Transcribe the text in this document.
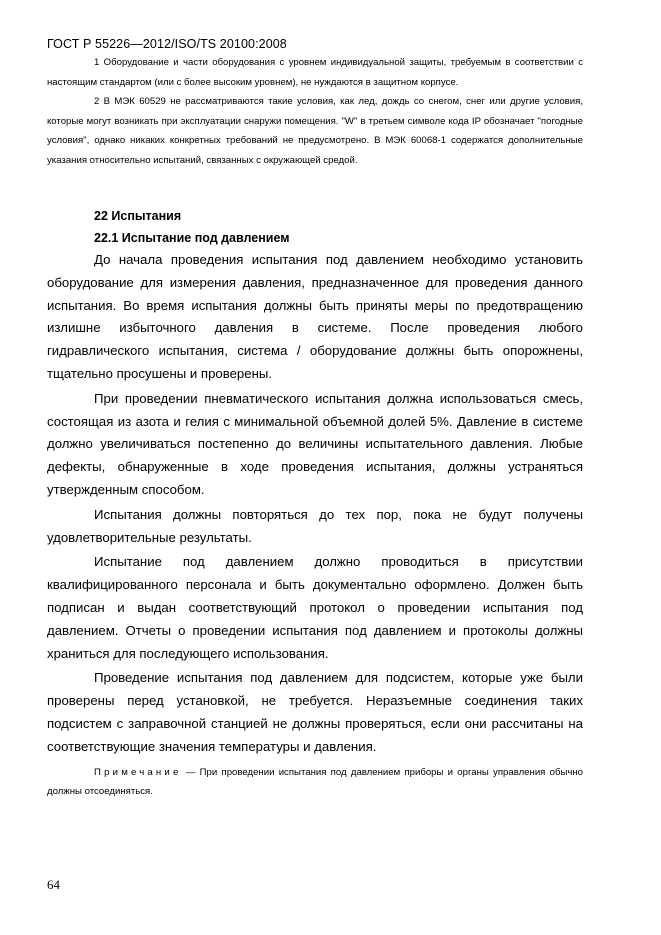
ГОСТ Р 55226—2012/ISO/TS 20100:2008

1 Оборудование и части оборудования с уровнем индивидуальной защиты, требуемым в соответствии с настоящим стандартом (или с более высоким уровнем), не нуждаются в защитном корпусе.

2 В МЭК 60529 не рассматриваются такие условия, как лед, дождь со снегом, снег или другие условия, которые могут возникать при эксплуатации снаружи помещения. "W" в третьем символе кода IP обозначает "погодные условия", однако никаких конкретных требований не предусмотрено. В МЭК 60068-1 содержатся дополнительные указания относительно испытаний, связанных с окружающей средой.

22 Испытания

22.1 Испытание под давлением

До начала проведения испытания под давлением необходимо установить оборудование для измерения давления, предназначенное для проведения данного испытания. Во время испытания должны быть приняты меры по предотвращению излишне избыточного давления в системе. После проведения любого гидравлического испытания, система / оборудование должны быть опорожнены, тщательно просушены и проверены.

При проведении пневматического испытания должна использоваться смесь, состоящая из азота и гелия с минимальной объемной долей 5%. Давление в системе должно увеличиваться постепенно до величины испытательного давления. Любые дефекты, обнаруженные в ходе проведения испытания, должны устраняться утвержденным способом.

Испытания должны повторяться до тех пор, пока не будут получены удовлетворительные результаты.

Испытание под давлением должно проводиться в присутствии квалифицированного персонала и быть документально оформлено. Должен быть подписан и выдан соответствующий протокол о проведении испытания под давлением. Отчеты о проведении испытания под давлением и протоколы должны храниться для последующего использования.

Проведение испытания под давлением для подсистем, которые уже были проверены перед установкой, не требуется. Неразъемные соединения таких подсистем с заправочной станцией не должны проверяться, если они рассчитаны на соответствующие значения температуры и давления.

Примечание — При проведении испытания под давлением приборы и органы управления обычно должны отсоединяться.

64
